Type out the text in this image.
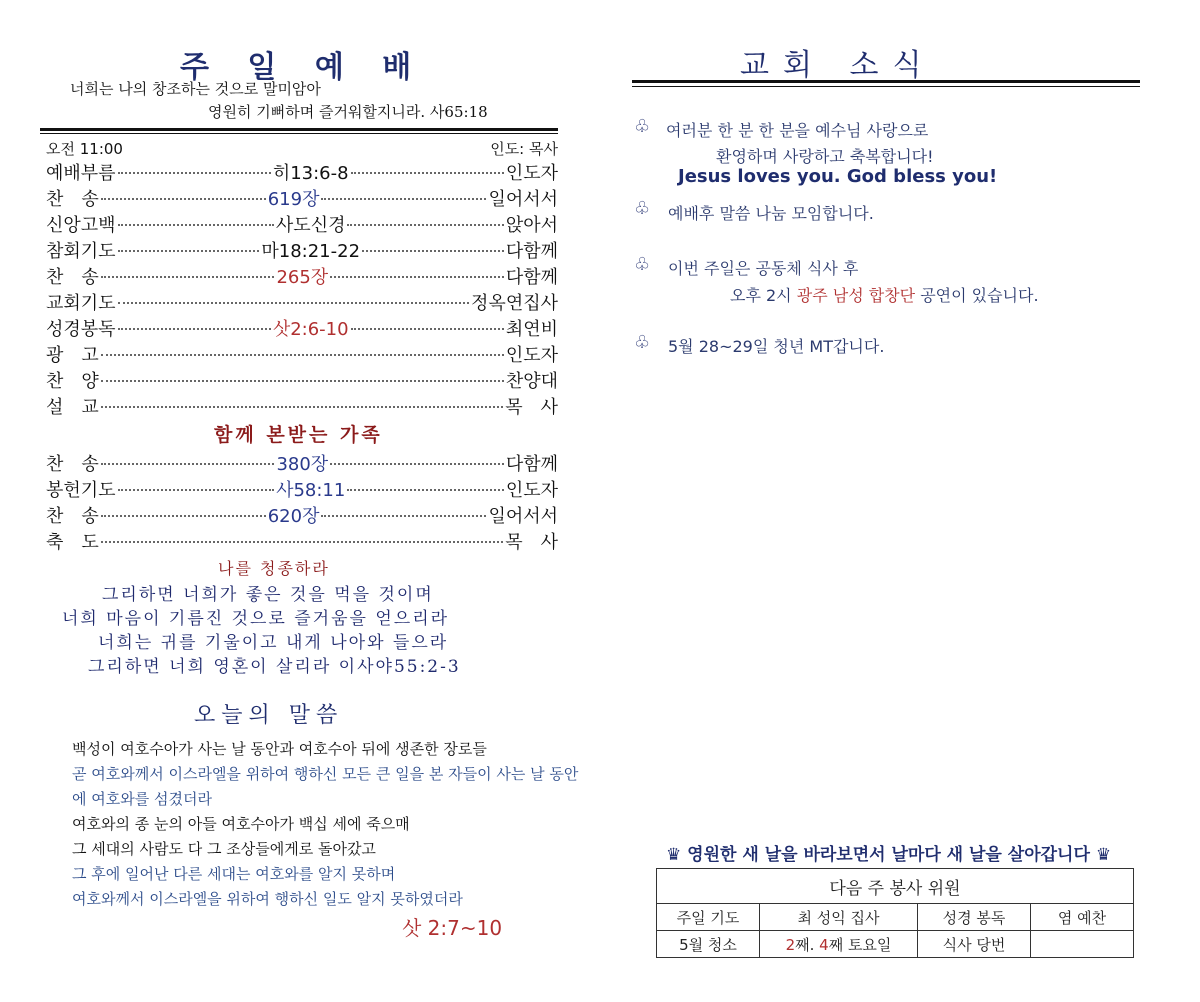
주 일 예 배
너희는 나의 창조하는 것으로 말미암아
영원히 기뻐하며 즐거워할지니라. 사65:18
오전 11:00	인도: 목사
예배부름	히13:6-8	인도자
찬　송	619장	일어서서
신앙고백	사도신경	앉아서
참회기도	마18:21-22	다함께
찬　송	265장	다함께
교회기도	정옥연집사
성경봉독	삿2:6-10	최연비
광　고	인도자
찬　양	찬양대
설　교	목　사
함께 본받는 가족
찬　송	380장	다함께
봉헌기도	사58:11	인도자
찬　송	620장	일어서서
축　도	목　사
나를 청종하라
그리하면 너희가 좋은 것을 먹을 것이며
너희 마음이 기름진 것으로 즐거움을 얻으리라
너희는 귀를 기울이고 내게 나아와 들으라
그리하면 너희 영혼이 살리라 이사야55:2-3
오늘의 말씀
백성이 여호수아가 사는 날 동안과 여호수아 뒤에 생존한 장로들
곧 여호와께서 이스라엘을 위하여 행하신 모든 큰 일을 본 자들이 사는 날 동안
에 여호와를 섬겼더라
여호와의 종 눈의 아들 여호수아가 백십 세에 죽으매
그 세대의 사람도 다 그 조상들에게로 돌아갔고
그 후에 일어난 다른 세대는 여호와를 알지 못하며
여호와께서 이스라엘을 위하여 행하신 일도 알지 못하였더라
삿 2:7~10
교회 소식
♧ 여러분 한 분 한 분을 예수님 사랑으로
환영하며 사랑하고 축복합니다!
Jesus loves you. God bless you!
♧ 예배후 말씀 나눔 모임합니다.
♧ 이번 주일은 공동체 식사 후
오후 2시 광주 남성 합창단 공연이 있습니다.
♧ 5월 28~29일 청년 MT갑니다.
♛ 영원한 새 날을 바라보면서 날마다 새 날을 살아갑니다 ♛
다음 주 봉사 위원			
주일 기도	최 성익 집사	성경 봉독	염 예찬
5월 청소	2째. 4째 토요일	식사 당번	
